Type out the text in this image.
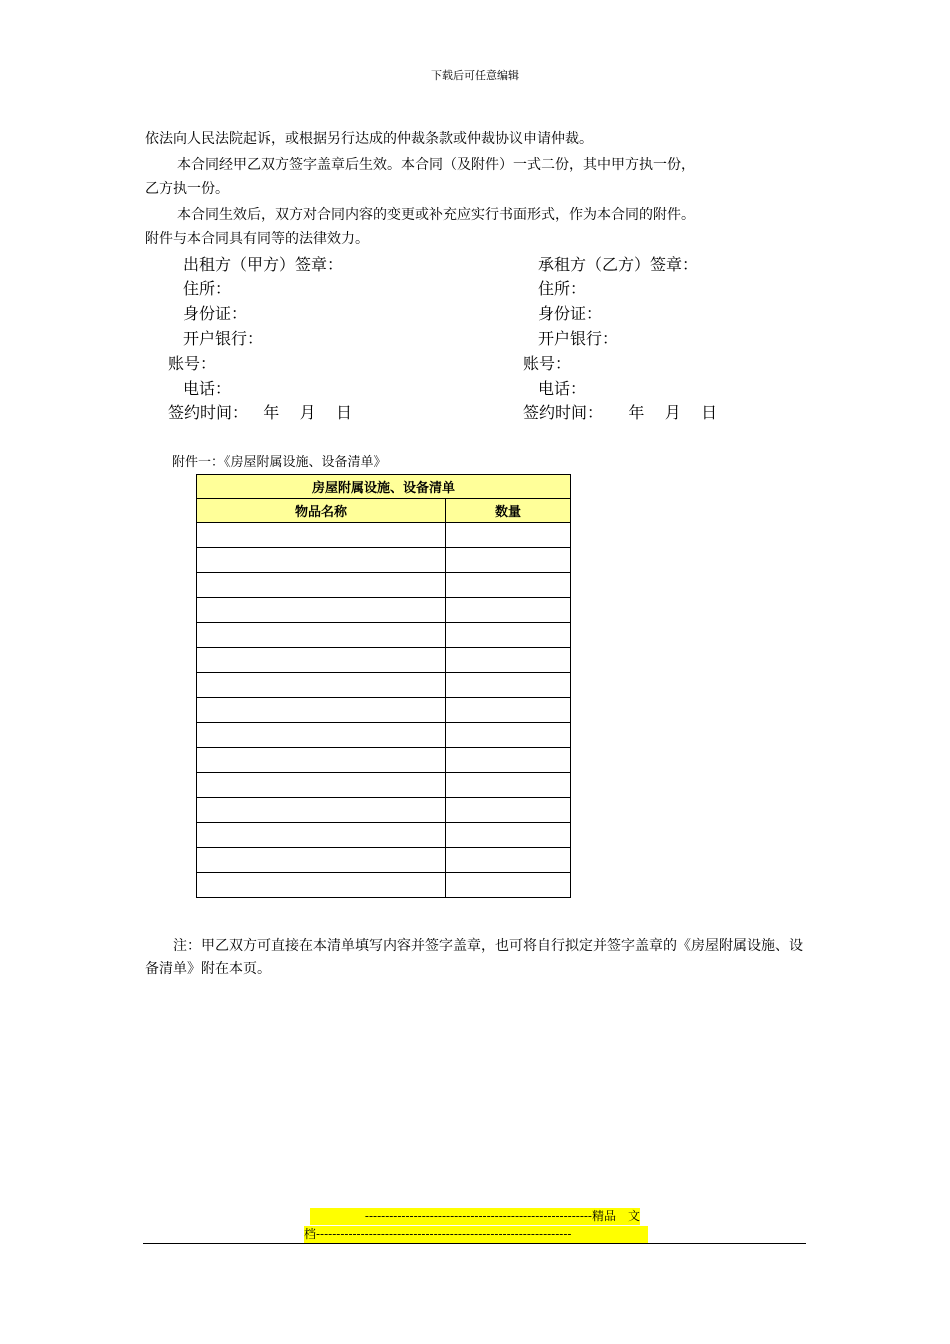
下载后可任意编辑
依法向人民法院起诉，或根据另行达成的仲裁条款或仲裁协议申请仲裁。
本合同经甲乙双方签字盖章后生效。本合同（及附件）一式二份，其中甲方执一份，
乙方执一份。
本合同生效后，双方对合同内容的变更或补充应实行书面形式，作为本合同的附件。
附件与本合同具有同等的法律效力。
出租方（甲方）签章：
住所：
身份证：
开户银行：
账号：
电话：
签约时间：   年    月    日
承租方（乙方）签章：
住所：
身份证：
开户银行：
账号：
电话：
签约时间：     年    月    日
附件一：《房屋附属设施、设备清单》
房屋附属设施、设备清单	
物品名称	数量

注：甲乙双方可直接在本清单填写内容并签字盖章，也可将自行拟定并签字盖章的《房屋附属设施、设备清单》附在本页。
--------------------------------------------------------精品　文
档---------------------------------------------------------------
